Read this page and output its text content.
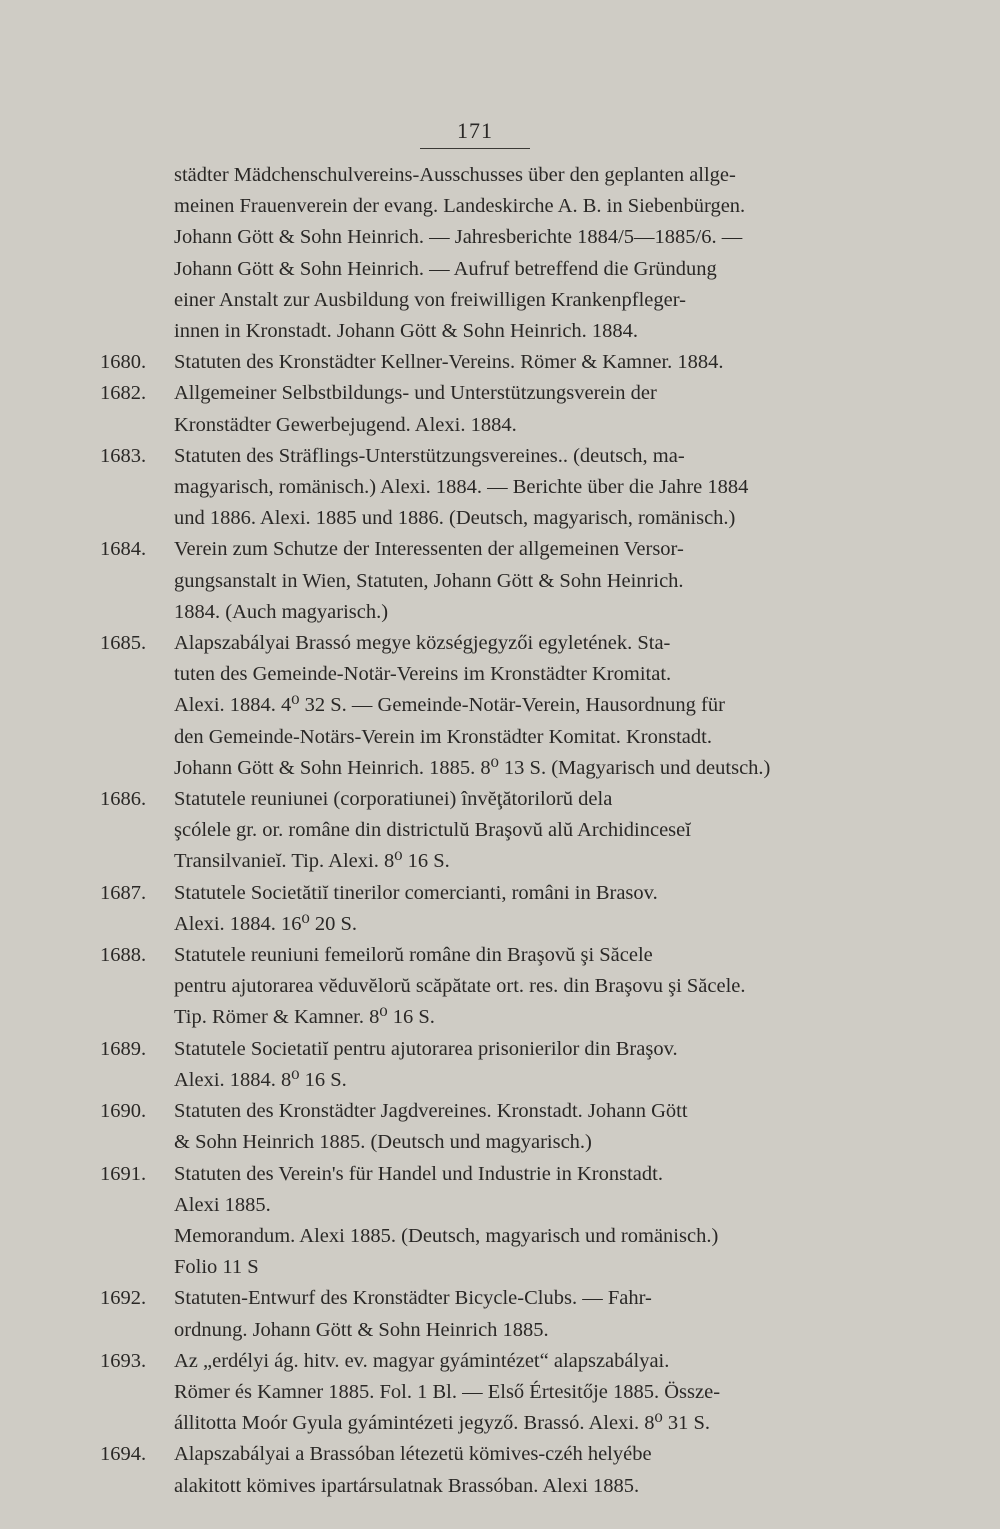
171
städter Mädchenschulvereins-Ausschusses über den geplanten allge-
meinen Frauenverein der evang. Landeskirche A. B. in Siebenbürgen.
Johann Gött & Sohn Heinrich. — Jahresberichte 1884/5—1885/6. —
Johann Gött & Sohn Heinrich. — Aufruf betreffend die Gründung
einer Anstalt zur Ausbildung von freiwilligen Krankenpfleger-
innen in Kronstadt. Johann Gött & Sohn Heinrich. 1884.
1680.	Statuten des Kronstädter Kellner-Vereins. Römer & Kamner. 1884.
1682.	Allgemeiner Selbstbildungs- und Unterstützungsverein der
Kronstädter Gewerbejugend. Alexi. 1884.
1683.	Statuten des Sträflings-Unterstützungsvereines.. (deutsch, ma-
magyarisch, romänisch.) Alexi. 1884. — Berichte über die Jahre 1884
und 1886. Alexi. 1885 und 1886. (Deutsch, magyarisch, romänisch.)
1684.	Verein zum Schutze der Interessenten der allgemeinen Versor-
gungsanstalt in Wien, Statuten, Johann Gött & Sohn Heinrich.
1884. (Auch magyarisch.)
1685.	Alapszabályai Brassó megye községjegyzői egyletének. Sta-
tuten des Gemeinde-Notär-Vereins im Kronstädter Kromitat.
Alexi. 1884. 4⁰ 32 S. — Gemeinde-Notär-Verein, Hausordnung für
den Gemeinde-Notärs-Verein im Kronstädter Komitat. Kronstadt.
Johann Gött & Sohn Heinrich. 1885. 8⁰ 13 S. (Magyarisch und deutsch.)
1686.	Statutele reuniunei (corporatiunei) învĕţătorilorŭ dela
şcólele gr. or. române din districtulŭ Braşovŭ alŭ Archidinceseĭ
Transilvanieĭ. Tip. Alexi. 8⁰ 16 S.
1687.	Statutele Societătiĭ tinerilor comercianti, români in Brasov.
Alexi. 1884. 16⁰ 20 S.
1688.	Statutele reuniuni femeilorŭ române din Braşovŭ şi Săcele
pentru ajutorarea vĕduvĕlorŭ scăpătate ort. res. din Braşovu şi Săcele.
Tip. Römer & Kamner. 8⁰ 16 S.
1689.	Statutele Societatiĭ pentru ajutorarea prisonierilor din Braşov.
Alexi. 1884. 8⁰ 16 S.
1690.	Statuten des Kronstädter Jagdvereines. Kronstadt. Johann Gött
& Sohn Heinrich 1885. (Deutsch und magyarisch.)
1691.	Statuten des Verein's für Handel und Industrie in Kronstadt.
Alexi 1885.
Memorandum. Alexi 1885. (Deutsch, magyarisch und romänisch.)
Folio 11 S
1692.	Statuten-Entwurf des Kronstädter Bicycle-Clubs. — Fahr-
ordnung. Johann Gött & Sohn Heinrich 1885.
1693.	Az „erdélyi ág. hitv. ev. magyar gyámintézet“ alapszabályai.
Römer és Kamner 1885. Fol. 1 Bl. — Első Értesitője 1885. Össze-
állitotta Moór Gyula gyámintézeti jegyző. Brassó. Alexi. 8⁰ 31 S.
1694.	Alapszabályai a Brassóban létezetü kömives-czéh helyébe
alakitott kömives ipartársulatnak Brassóban. Alexi 1885.
